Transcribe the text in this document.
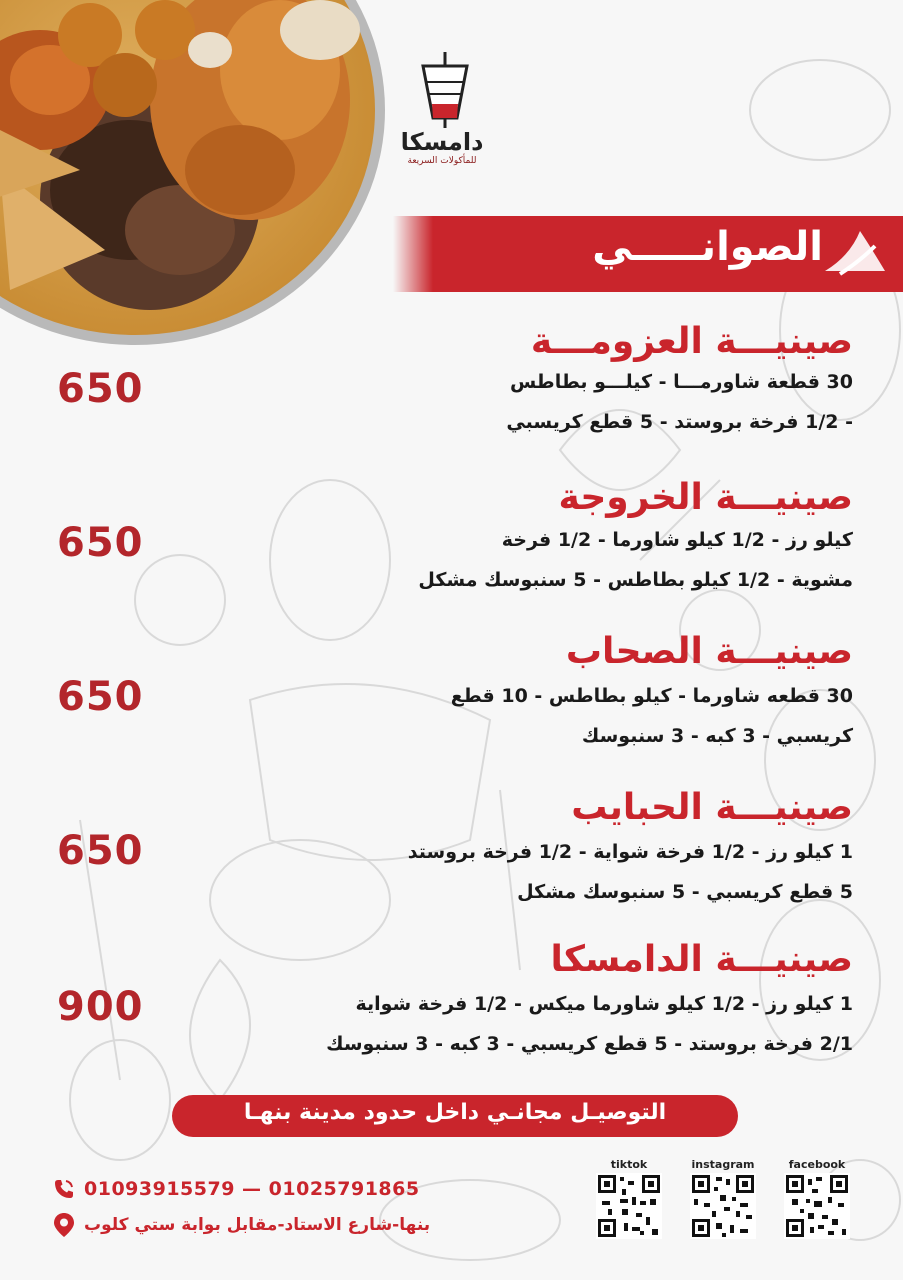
دامسكا
للمأكولات السريعة
الصوانـــــي

صينيـــة العزومـــة

30 قطعة شاورمـــا - كيلـــو بطاطس

- 1/2 فرخة بروستد - 5 قطع كريسبي

650

صينيـــة الخروجة

كيلو رز - 1/2 كيلو شاورما - 1/2 فرخة

مشوية - 1/2 كيلو بطاطس - 5 سنبوسك مشكل

650

صينيـــة الصحاب

30 قطعه شاورما - كيلو بطاطس - 10 قطع

كريسبي - 3 كبه - 3 سنبوسك

650

صينيـــة الحبايب

1 كيلو رز - 1/2 فرخة شواية - 1/2 فرخة بروستد

5 قطع كريسبي - 5 سنبوسك مشكل

650

صينيـــة الدامسكا

1 كيلو رز - 1/2 كيلو شاورما ميكس - 1/2 فرخة شواية

2/1 فرخة بروستد - 5 قطع كريسبي - 3 كبه - 3 سنبوسك

900
التوصيـل مجانـي داخل حدود مدينة بنهـا
01093915579 — 01025791865
بنها-شارع الاستاد-مقابل بوابة ستي كلوب
tiktok	instagram	facebook
